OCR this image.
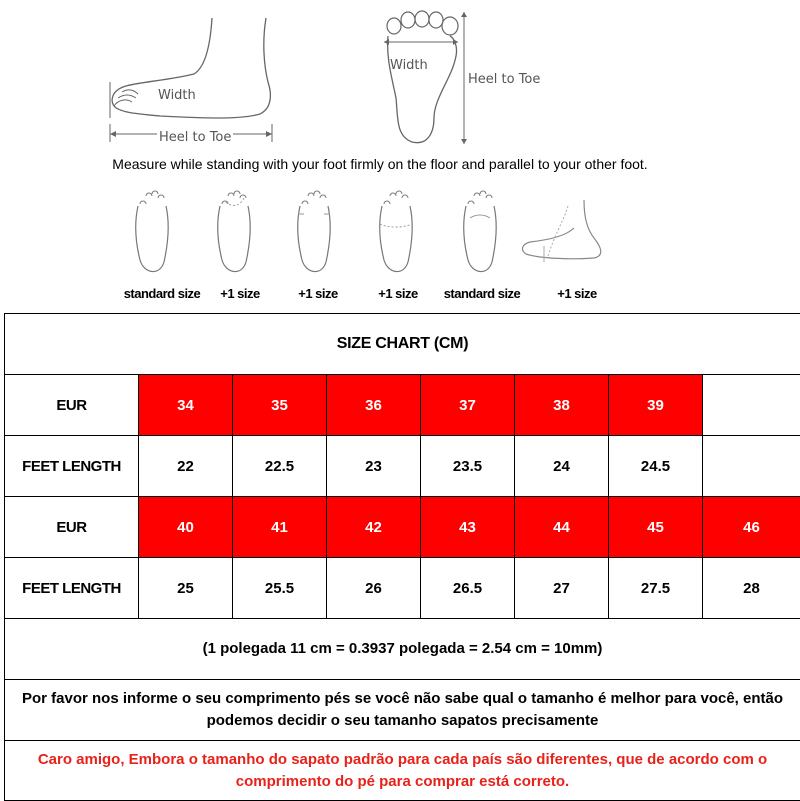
Width
Heel to Toe
Width
Heel to Toe
Measure while standing with your foot firmly on the floor and parallel to your other foot.
standard size +1 size	+1 size	+1 size standard size	+1 size
SIZE CHART (CM)							
EUR	34	35	36	37	38	39	
FEET LENGTH	22	22.5	23	23.5	24	24.5	
EUR	40	41	42	43	44	45	46
FEET LENGTH	25	25.5	26	26.5	27	27.5	28
(1 polegada 11 cm = 0.3937 polegada = 2.54 cm = 10mm)							
Por favor nos informe o seu comprimento pés se você não sabe qual o tamanho é melhor para você, então podemos decidir o seu tamanho sapatos precisamente							
Caro amigo, Embora o tamanho do sapato padrão para cada país são diferentes, que de acordo com o comprimento do pé para comprar está correto.							
